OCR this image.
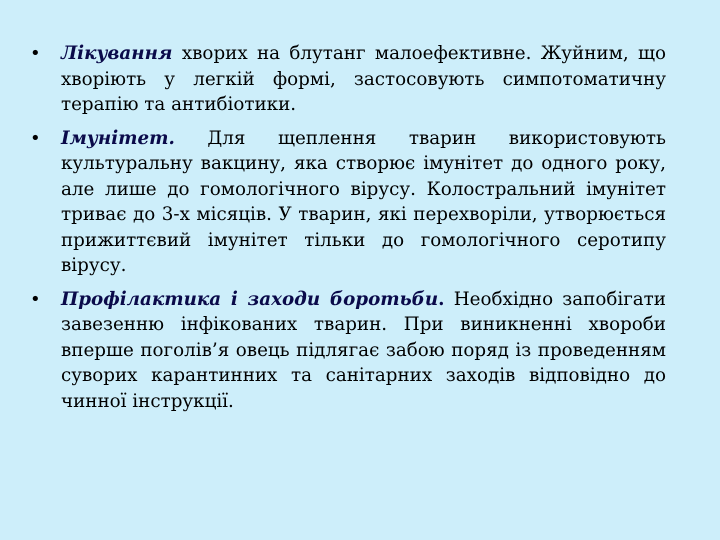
• Лікування хворих на блутанг малоефективне. Жуйним, що хворіють у легкій формі, застосовують симпотоматичну терапію та антибіотики.
• Імунітет. Для щеплення тварин використовують культуральну вакцину, яка створює імунітет до одного року, але лише до гомологічного вірусу. Колостральний імунітет триває до 3-х місяців. У тварин, які перехворіли, утворюється прижиттєвий імунітет тільки до гомологічного серотипу вірусу.
• Профілактика і заходи боротьби. Необхідно запобігати завезенню інфікованих тварин. При виникненні хвороби вперше поголів’я овець підлягає забою поряд із проведенням суворих карантинних та санітарних заходів відповідно до чинної інструкції.
